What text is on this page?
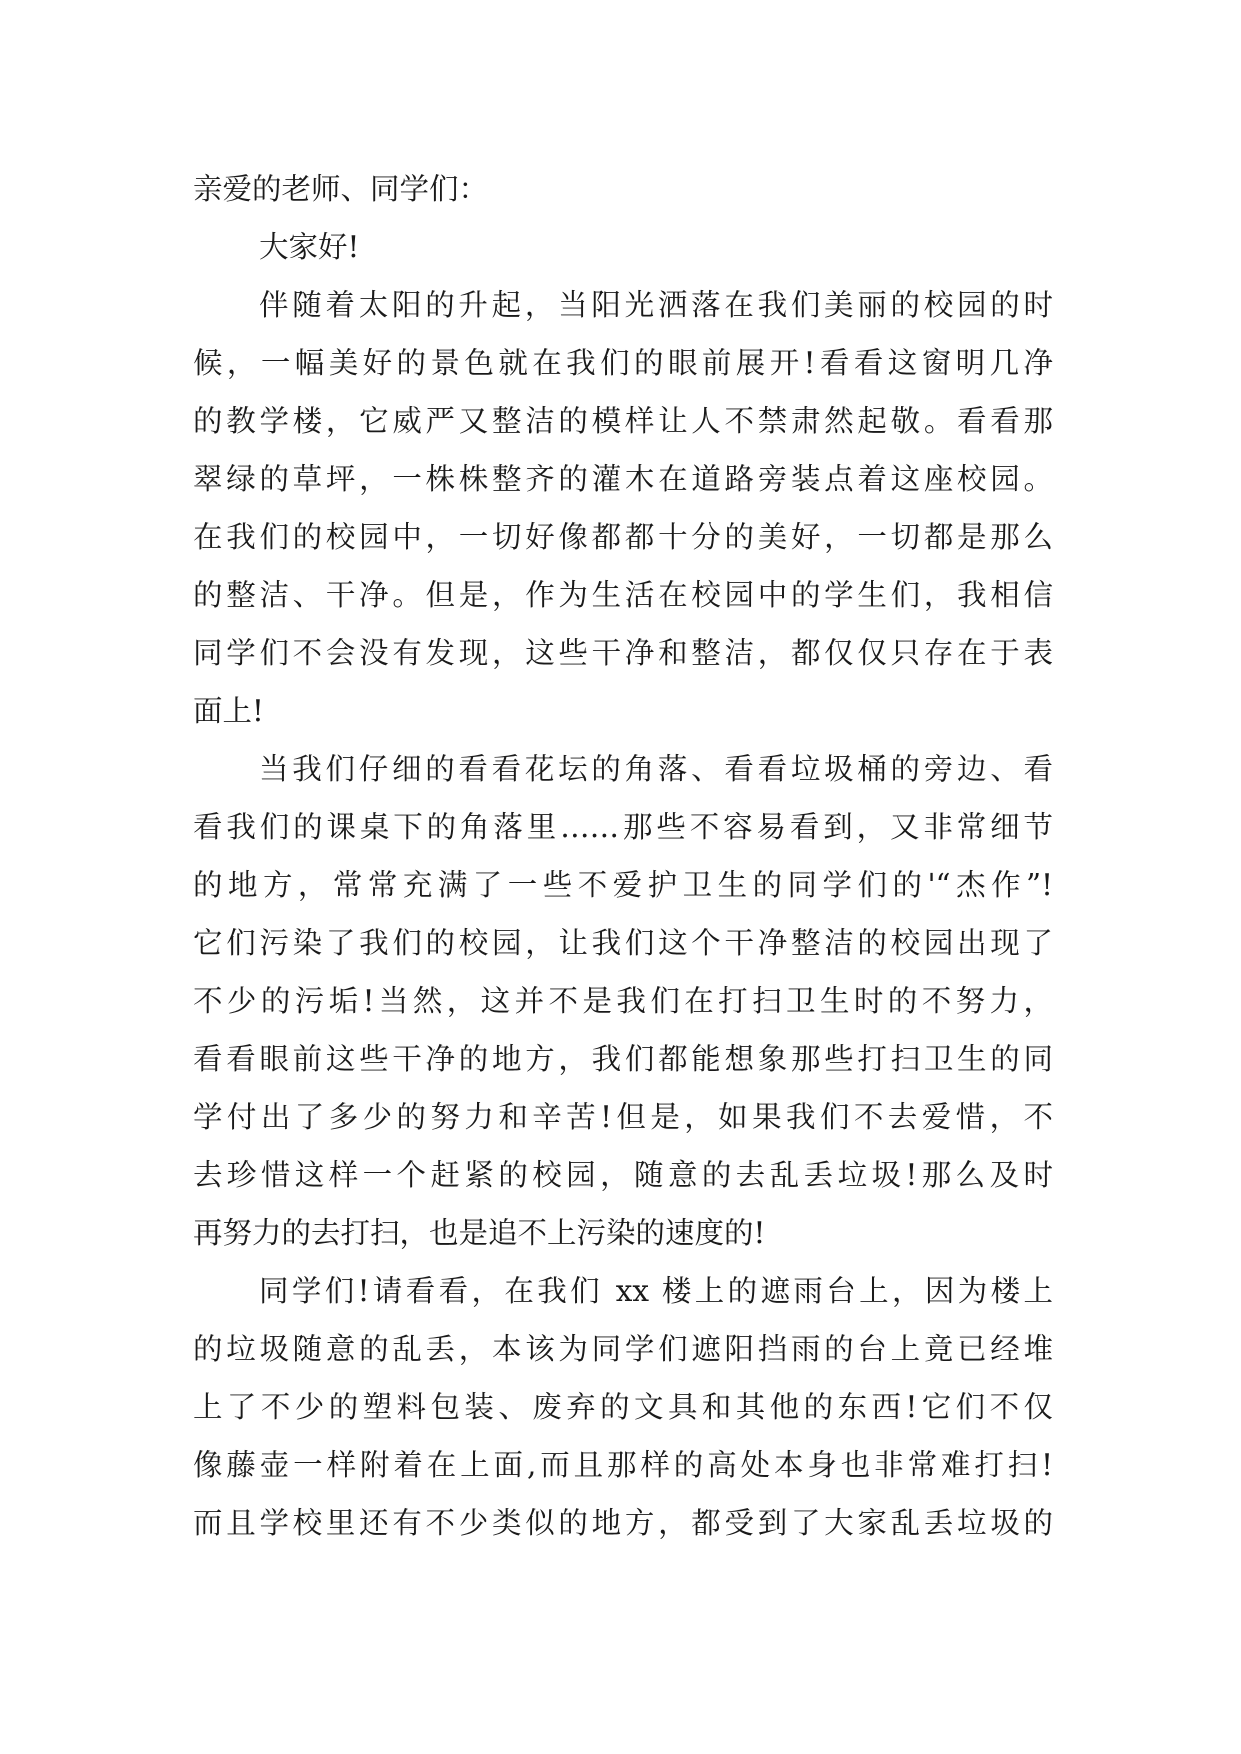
亲爱的老师、同学们：
大家好!
伴随着太阳的升起，当阳光洒落在我们美丽的校园的时
候，一幅美好的景色就在我们的眼前展开!看看这窗明几净
的教学楼，它威严又整洁的模样让人不禁肃然起敬。看看那
翠绿的草坪，一株株整齐的灌木在道路旁装点着这座校园。
在我们的校园中，一切好像都都十分的美好，一切都是那么
的整洁、干净。但是，作为生活在校园中的学生们，我相信
同学们不会没有发现，这些干净和整洁，都仅仅只存在于表
面上!
当我们仔细的看看花坛的角落、看看垃圾桶的旁边、看
看我们的课桌下的角落里……那些不容易看到，又非常细节
的地方，常常充满了一些不爱护卫生的同学们的'“杰作”!
它们污染了我们的校园，让我们这个干净整洁的校园出现了
不少的污垢!当然，这并不是我们在打扫卫生时的不努力，
看看眼前这些干净的地方，我们都能想象那些打扫卫生的同
学付出了多少的努力和辛苦!但是，如果我们不去爱惜，不
去珍惜这样一个赶紧的校园，随意的去乱丢垃圾!那么及时
再努力的去打扫，也是追不上污染的速度的!
同学们!请看看，在我们 xx 楼上的遮雨台上，因为楼上
的垃圾随意的乱丢，本该为同学们遮阳挡雨的台上竟已经堆
上了不少的塑料包装、废弃的文具和其他的东西!它们不仅
像藤壶一样附着在上面,而且那样的高处本身也非常难打扫!
而且学校里还有不少类似的地方，都受到了大家乱丢垃圾的
